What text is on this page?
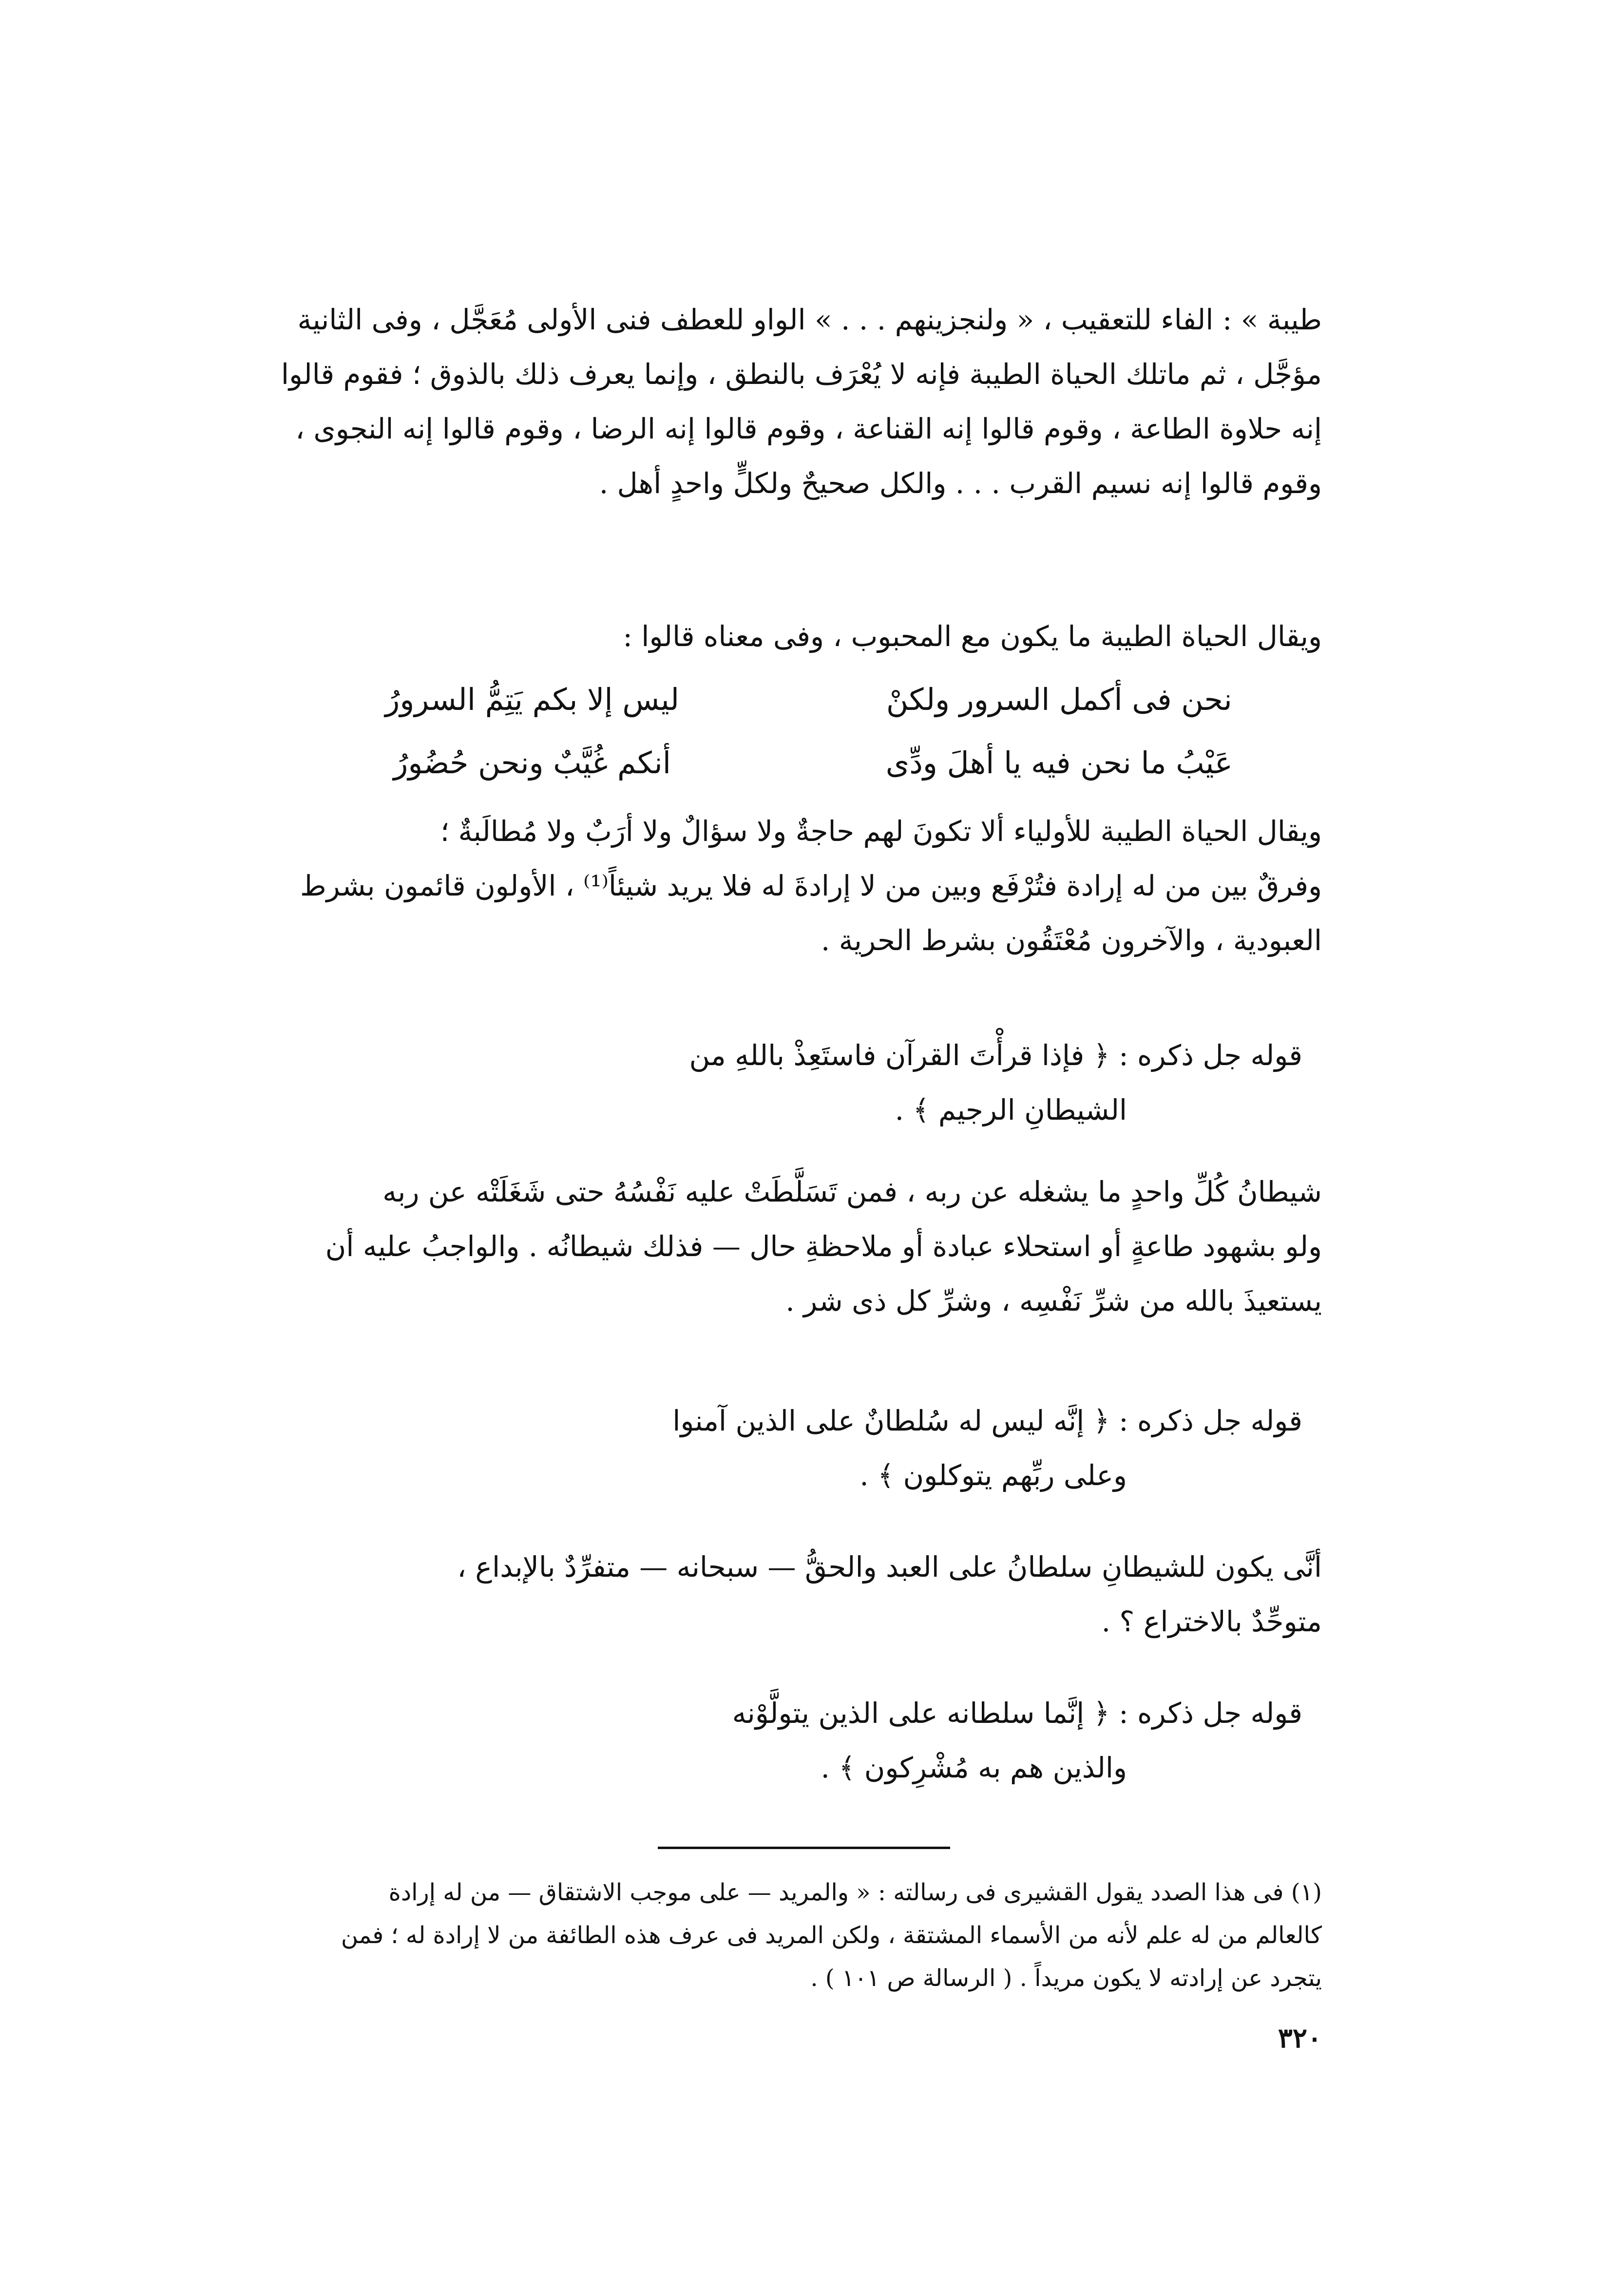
طيبة » : الفاء للتعقيب ، « ولنجزينهم . . . » الواو للعطف فنى الأولى مُعَجَّل ، وفى الثانية
مؤجَّل ، ثم ماتلك الحياة الطيبة فإنه لا يُعْرَف بالنطق ، وإنما يعرف ذلك بالذوق ؛ فقوم قالوا
إنه حلاوة الطاعة ، وقوم قالوا إنه القناعة ، وقوم قالوا إنه الرضا ، وقوم قالوا إنه النجوى ،
وقوم قالوا إنه نسيم القرب . . . والكل صحيحٌ ولكلٍّ واحدٍ أهل .
ويقال الحياة الطيبة ما يكون مع المحبوب ، وفى معناه قالوا :
نحن فى أكمل السرور ولكنْ
ليس إلا بكم يَتِمُّ السرورُ
عَيْبُ ما نحن فيه يا أهلَ ودِّى
أنكم غُيَّبٌ ونحن حُضُورُ
ويقال الحياة الطيبة للأولياء ألا تكونَ لهم حاجةٌ ولا سؤالٌ ولا أرَبٌ ولا مُطالَبةٌ ؛
وفرقٌ بين من له إرادة فتُرْفَع وبين من لا إرادةَ له فلا يريد شيئاً⁽¹⁾ ، الأولون قائمون بشرط
العبودية ، والآخرون مُعْتَقُون بشرط الحرية .
قوله جل ذكره : ﴿ فإذا قرأْتَ القرآن فاستَعِذْ باللهِ من
الشيطانِ الرجيم ﴾ .
شيطانُ كُلِّ واحدٍ ما يشغله عن ربه ، فمن تَسَلَّطَتْ عليه نَفْسُهُ حتى شَغَلَتْه عن ربه
ولو بشهود طاعةٍ أو استحلاء عبادة أو ملاحظةِ حال — فذلك شيطانُه . والواجبُ عليه أن
يستعيذَ بالله من شرِّ نَفْسِه ، وشرِّ كل ذى شر .
قوله جل ذكره : ﴿ إنَّه ليس له سُلطانٌ على الذين آمنوا
وعلى ربِّهم يتوكلون ﴾ .
أنَّى يكون للشيطانِ سلطانُ على العبد والحقُّ — سبحانه — متفرِّدٌ بالإبداع ،
متوحِّدٌ بالاختراع ؟ .
قوله جل ذكره : ﴿ إنَّما سلطانه على الذين يتولَّوْنه
والذين هم به مُشْرِكون ﴾ .
(١) فى هذا الصدد يقول القشيرى فى رسالته : « والمريد — على موجب الاشتقاق — من له إرادة
كالعالم من له علم لأنه من الأسماء المشتقة ، ولكن المريد فى عرف هذه الطائفة من لا إرادة له ؛ فمن
يتجرد عن إرادته لا يكون مريداً . ( الرسالة ص ١٠١ ) .
٣٢٠
